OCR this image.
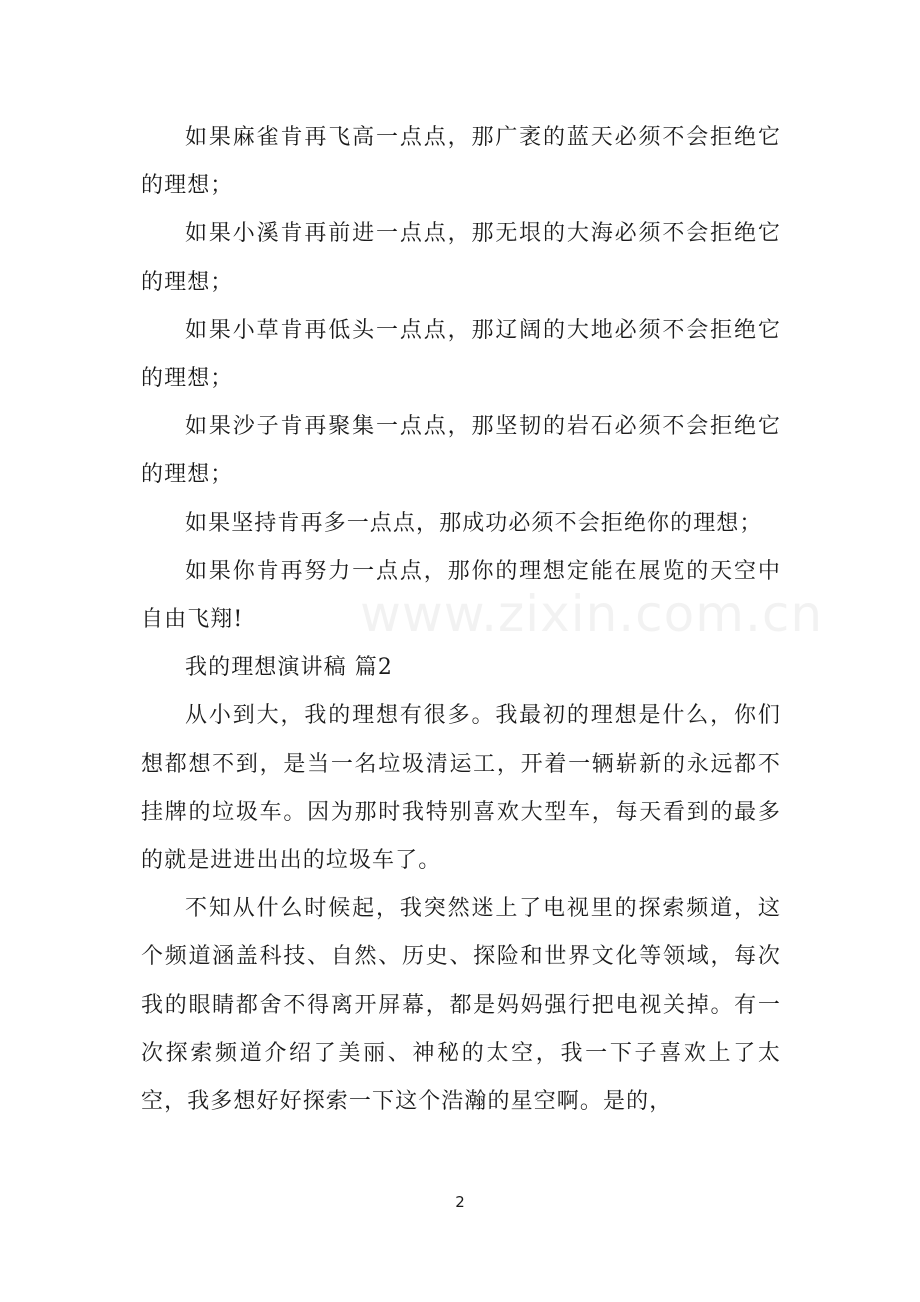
如果麻雀肯再飞高一点点，那广袤的蓝天必须不会拒绝它的理想；

如果小溪肯再前进一点点，那无垠的大海必须不会拒绝它的理想；

如果小草肯再低头一点点，那辽阔的大地必须不会拒绝它的理想；

如果沙子肯再聚集一点点，那坚韧的岩石必须不会拒绝它的理想；

如果坚持肯再多一点点，那成功必须不会拒绝你的理想；

如果你肯再努力一点点，那你的理想定能在展览的天空中自由飞翔!

我的理想演讲稿 篇2

从小到大，我的理想有很多。我最初的理想是什么，你们想都想不到，是当一名垃圾清运工，开着一辆崭新的永远都不挂牌的垃圾车。因为那时我特别喜欢大型车，每天看到的最多的就是进进出出的垃圾车了。

不知从什么时候起，我突然迷上了电视里的探索频道，这个频道涵盖科技、自然、历史、探险和世界文化等领域，每次我的眼睛都舍不得离开屏幕，都是妈妈强行把电视关掉。有一次探索频道介绍了美丽、神秘的太空，我一下子喜欢上了太空，我多想好好探索一下这个浩瀚的星空啊。是的，

www.zixin.com.cn
2
